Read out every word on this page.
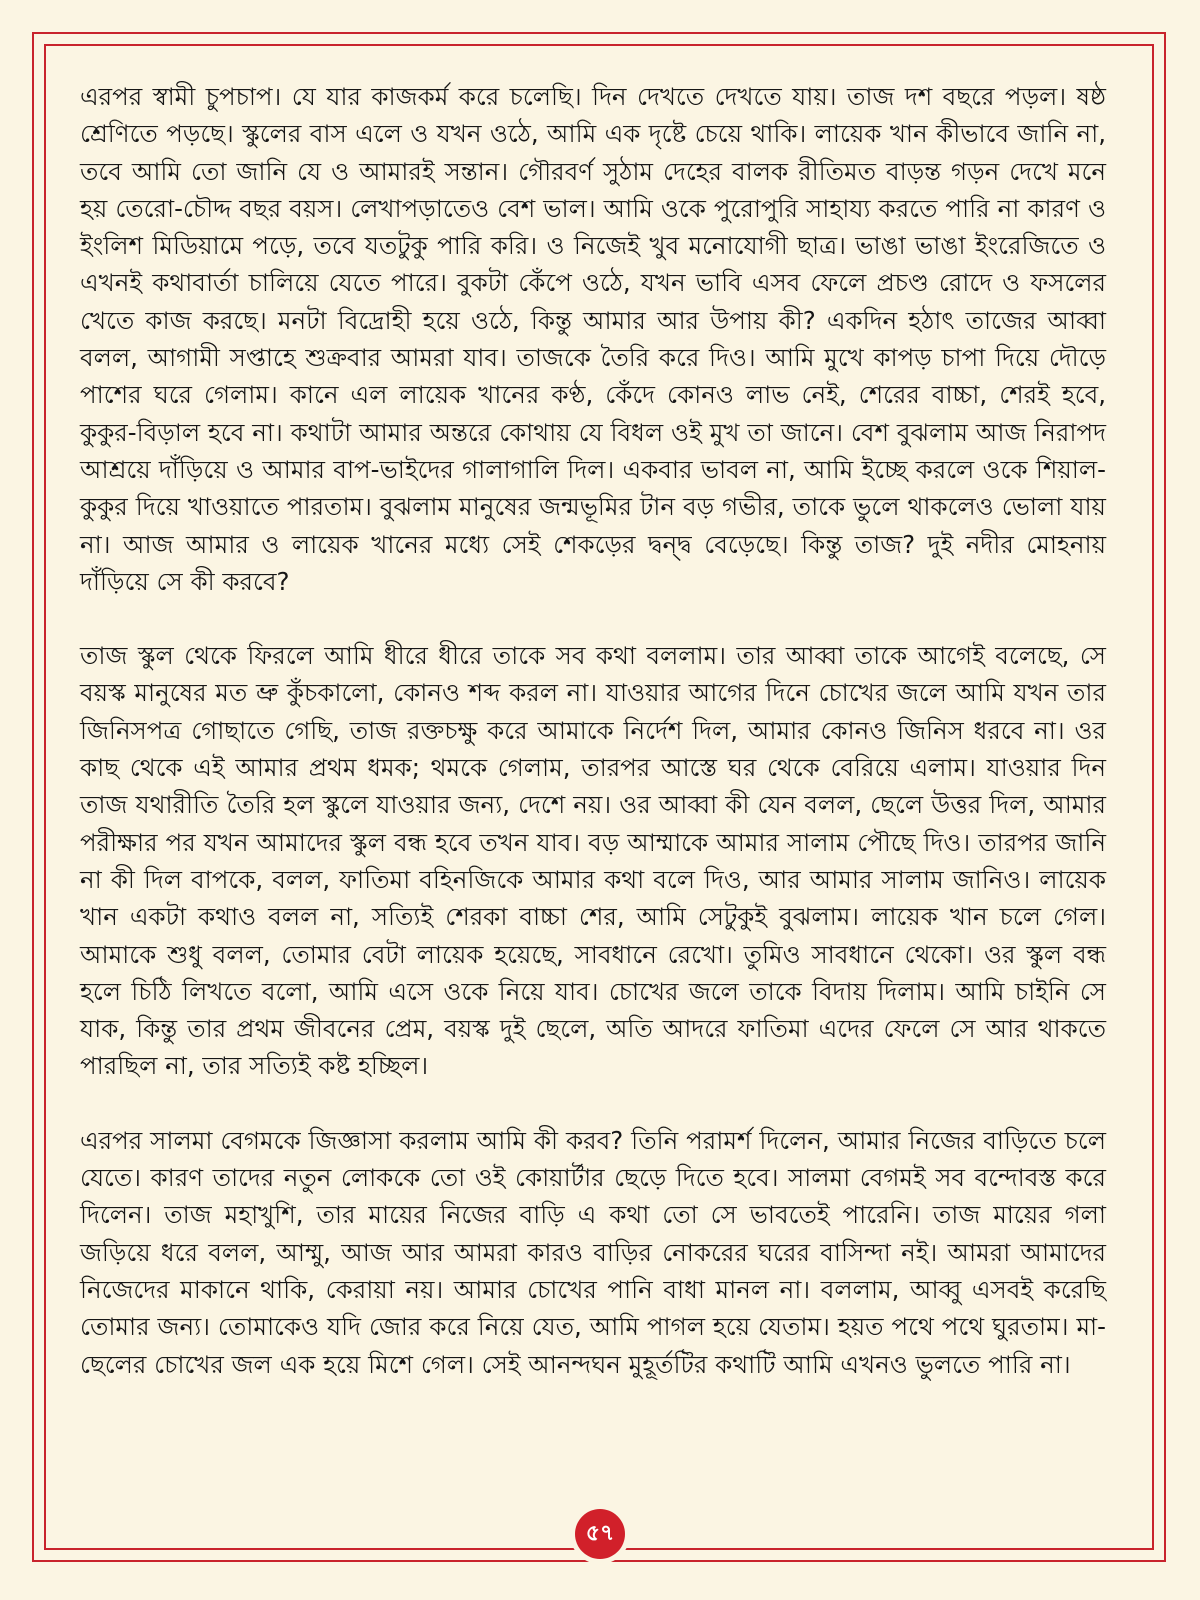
এরপর স্বামী চুপচাপ। যে যার কাজকর্ম করে চলেছি। দিন দেখতে দেখতে যায়। তাজ দশ বছরে পড়ল। ষষ্ঠ শ্রেণিতে পড়ছে। স্কুলের বাস এলে ও যখন ওঠে, আমি এক দৃষ্টে চেয়ে থাকি। লায়েক খান কীভাবে জানি না, তবে আমি তো জানি যে ও আমারই সন্তান। গৌরবর্ণ সুঠাম দেহের বালক রীতিমত বাড়ন্ত গড়ন দেখে মনে হয় তেরো-চৌদ্দ বছর বয়স। লেখাপড়াতেও বেশ ভাল। আমি ওকে পুরোপুরি সাহায্য করতে পারি না কারণ ও ইংলিশ মিডিয়ামে পড়ে, তবে যতটুকু পারি করি। ও নিজেই খুব মনোযোগী ছাত্র। ভাঙা ভাঙা ইংরেজিতে ও এখনই কথাবার্তা চালিয়ে যেতে পারে। বুকটা কেঁপে ওঠে, যখন ভাবি এসব ফেলে প্রচণ্ড রোদে ও ফসলের খেতে কাজ করছে। মনটা বিদ্রোহী হয়ে ওঠে, কিন্তু আমার আর উপায় কী? একদিন হঠাৎ তাজের আব্বা বলল, আগামী সপ্তাহে শুক্রবার আমরা যাব। তাজকে তৈরি করে দিও। আমি মুখে কাপড় চাপা দিয়ে দৌড়ে পাশের ঘরে গেলাম। কানে এল লায়েক খানের কণ্ঠ, কেঁদে কোনও লাভ নেই, শেরের বাচ্চা, শেরই হবে, কুকুর-বিড়াল হবে না। কথাটা আমার অন্তরে কোথায় যে বিধল ওই মুখ তা জানে। বেশ বুঝলাম আজ নিরাপদ আশ্রয়ে দাঁড়িয়ে ও আমার বাপ-ভাইদের গালাগালি দিল। একবার ভাবল না, আমি ইচ্ছে করলে ওকে শিয়াল-কুকুর দিয়ে খাওয়াতে পারতাম। বুঝলাম মানুষের জন্মভূমির টান বড় গভীর, তাকে ভুলে থাকলেও ভোলা যায় না। আজ আমার ও লায়েক খানের মধ্যে সেই শেকড়ের দ্বন্দ্ব বেড়েছে। কিন্তু তাজ? দুই নদীর মোহনায় দাঁড়িয়ে সে কী করবে?

তাজ স্কুল থেকে ফিরলে আমি ধীরে ধীরে তাকে সব কথা বললাম। তার আব্বা তাকে আগেই বলেছে, সে বয়স্ক মানুষের মত ভ্রু কুঁচকালো, কোনও শব্দ করল না। যাওয়ার আগের দিনে চোখের জলে আমি যখন তার জিনিসপত্র গোছাতে গেছি, তাজ রক্তচক্ষু করে আমাকে নির্দেশ দিল, আমার কোনও জিনিস ধরবে না। ওর কাছ থেকে এই আমার প্রথম ধমক; থমকে গেলাম, তারপর আস্তে ঘর থেকে বেরিয়ে এলাম। যাওয়ার দিন তাজ যথারীতি তৈরি হল স্কুলে যাওয়ার জন্য, দেশে নয়। ওর আব্বা কী যেন বলল, ছেলে উত্তর দিল, আমার পরীক্ষার পর যখন আমাদের স্কুল বন্ধ হবে তখন যাব। বড় আম্মাকে আমার সালাম পৌছে দিও। তারপর জানি না কী দিল বাপকে, বলল, ফাতিমা বহিনজিকে আমার কথা বলে দিও, আর আমার সালাম জানিও। লায়েক খান একটা কথাও বলল না, সত্যিই শেরকা বাচ্চা শের, আমি সেটুকুই বুঝলাম। লায়েক খান চলে গেল। আমাকে শুধু বলল, তোমার বেটা লায়েক হয়েছে, সাবধানে রেখো। তুমিও সাবধানে থেকো। ওর স্কুল বন্ধ হলে চিঠি লিখতে বলো, আমি এসে ওকে নিয়ে যাব। চোখের জলে তাকে বিদায় দিলাম। আমি চাইনি সে যাক, কিন্তু তার প্রথম জীবনের প্রেম, বয়স্ক দুই ছেলে, অতি আদরে ফাতিমা এদের ফেলে সে আর থাকতে পারছিল না, তার সত্যিই কষ্ট হচ্ছিল।

এরপর সালমা বেগমকে জিজ্ঞাসা করলাম আমি কী করব? তিনি পরামর্শ দিলেন, আমার নিজের বাড়িতে চলে যেতে। কারণ তাদের নতুন লোককে তো ওই কোয়ার্টার ছেড়ে দিতে হবে। সালমা বেগমই সব বন্দোবস্ত করে দিলেন। তাজ মহাখুশি, তার মায়ের নিজের বাড়ি এ কথা তো সে ভাবতেই পারেনি। তাজ মায়ের গলা জড়িয়ে ধরে বলল, আম্মু, আজ আর আমরা কারও বাড়ির নোকরের ঘরের বাসিন্দা নই। আমরা আমাদের নিজেদের মাকানে থাকি, কেরায়া নয়। আমার চোখের পানি বাধা মানল না। বললাম, আব্বু এসবই করেছি তোমার জন্য। তোমাকেও যদি জোর করে নিয়ে যেত, আমি পাগল হয়ে যেতাম। হয়ত পথে পথে ঘুরতাম। মা-ছেলের চোখের জল এক হয়ে মিশে গেল। সেই আনন্দঘন মুহূর্তটির কথাটি আমি এখনও ভুলতে পারি না।

৫৭
